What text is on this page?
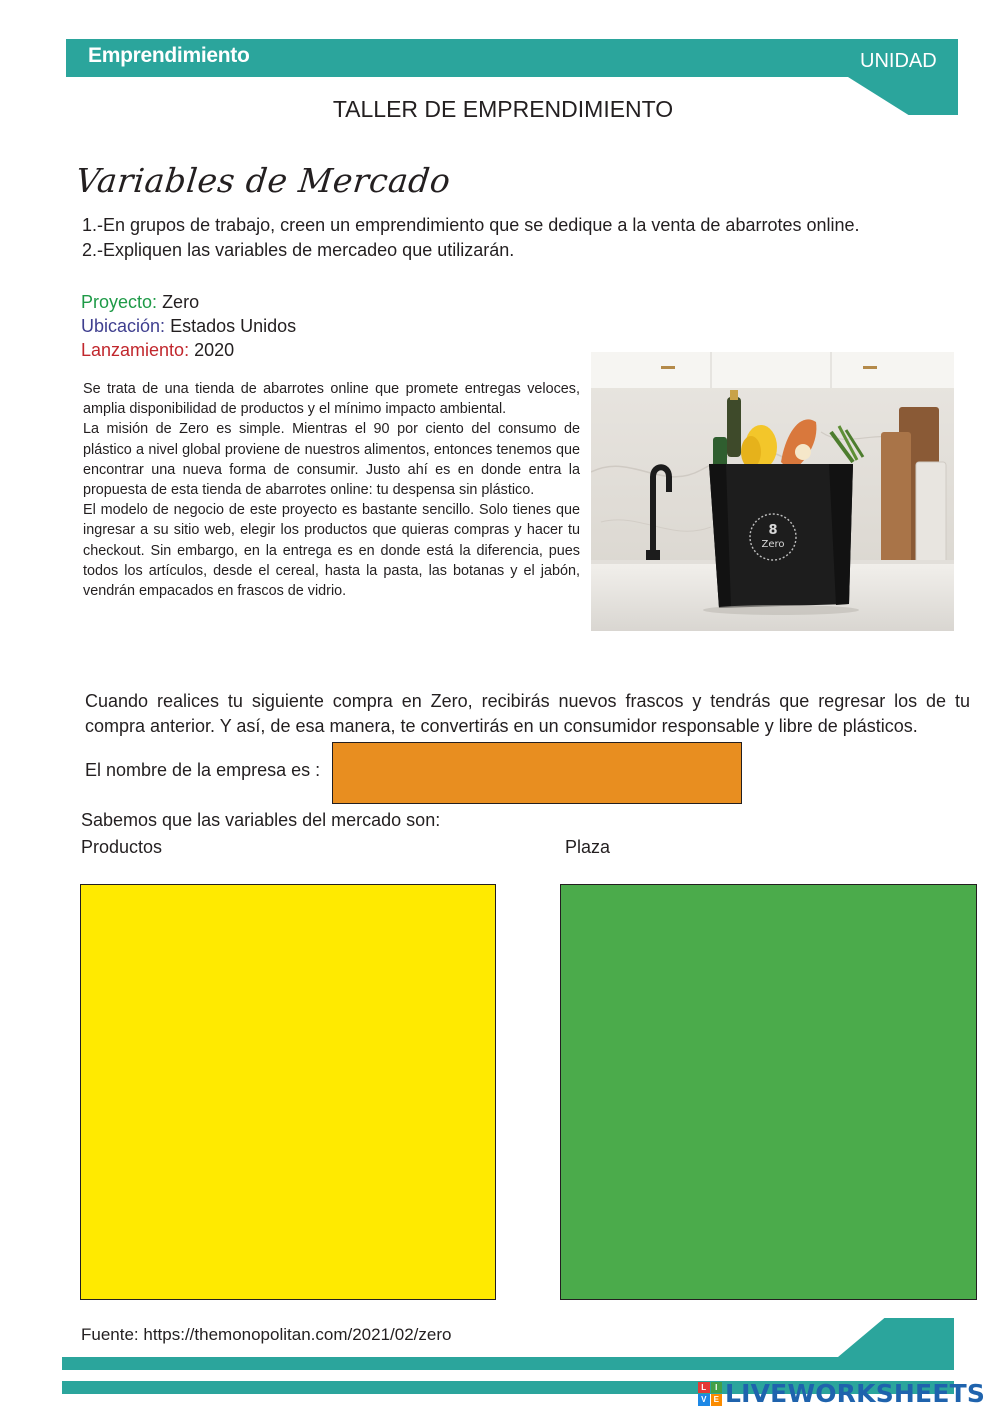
Emprendimiento	UNIDAD
TALLER DE EMPRENDIMIENTO
Variables de Mercado
1.-En grupos de trabajo, creen un emprendimiento que se dedique a la venta de abarrotes online.
2.-Expliquen las variables de mercadeo que utilizarán.
Proyecto: Zero
Ubicación: Estados Unidos
Lanzamiento: 2020

Se trata de una tienda de abarrotes online que promete entregas veloces, amplia disponibilidad de productos y el mínimo impacto ambiental.

La misión de Zero es simple. Mientras el 90 por ciento del consumo de plástico a nivel global proviene de nuestros alimentos, entonces tenemos que encontrar una nueva forma de consumir. Justo ahí es en donde entra la propuesta de esta tienda de abarrotes online: tu despensa sin plástico.

El modelo de negocio de este proyecto es bastante sencillo. Solo tienes que ingresar a su sitio web, elegir los productos que quieras compras y hacer tu checkout. Sin embargo, en la entrega es en donde está la diferencia, pues todos los artículos, desde el cereal, hasta la pasta, las botanas y el jabón, vendrán empacados en frascos de vidrio.

Zero
8
Cuando realices tu siguiente compra en Zero, recibirás nuevos frascos y tendrás que regresar los de tu compra anterior. Y así, de esa manera, te convertirás en un consumidor responsable y libre de plásticos.
El nombre de la empresa es :
Sabemos que las variables del mercado son:
Productos	Plaza
Fuente: https://themonopolitan.com/2021/02/zero
L	I
V E LIVEWORKSHEETS
